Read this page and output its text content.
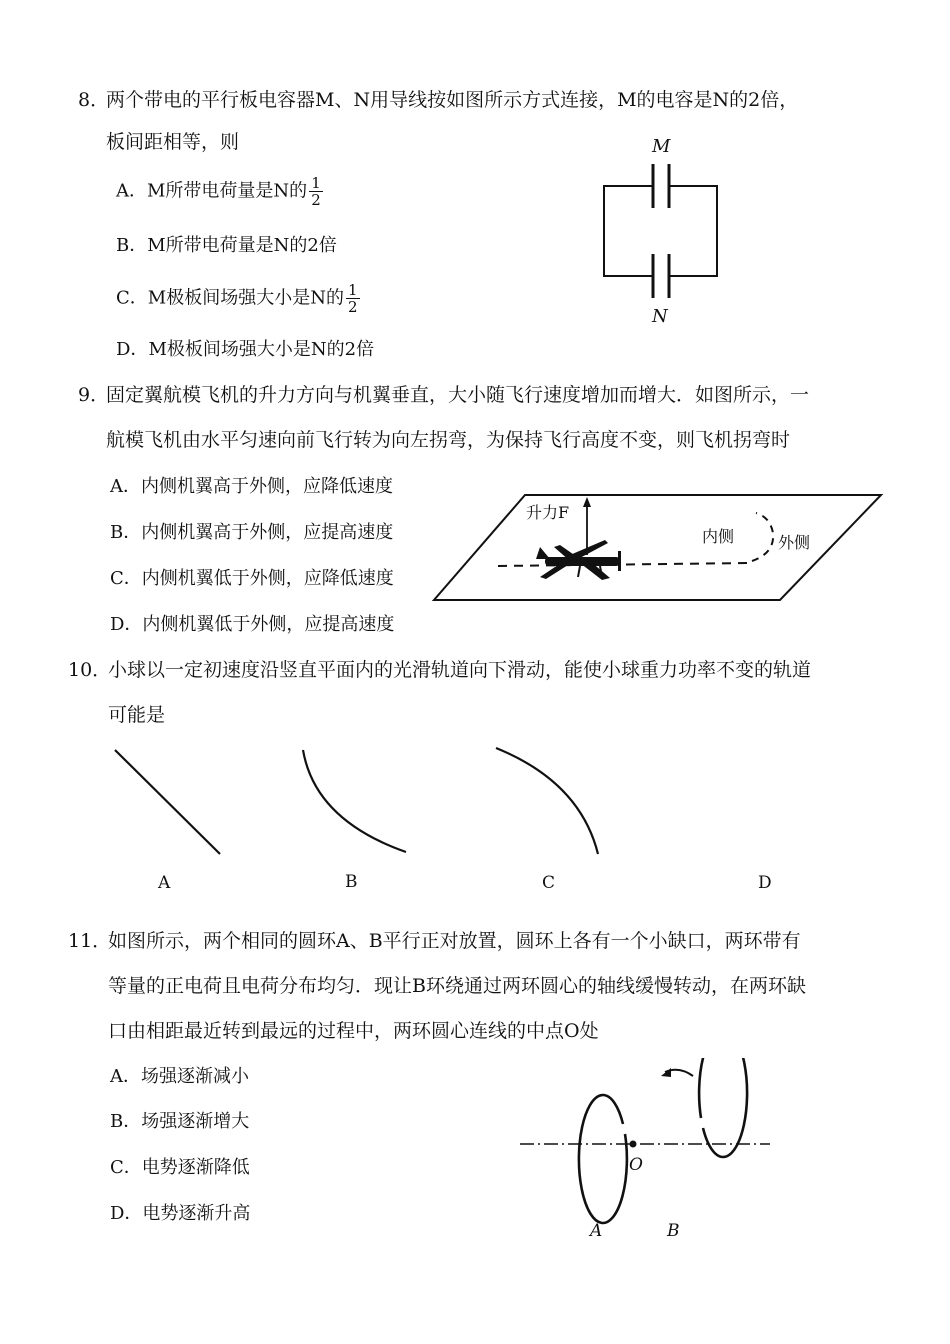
8．
两个带电的平行板电容器M、N用导线按如图所示方式连接，M的电容是N的2倍，
板间距相等，则
A．M所带电荷量是N的 $\frac{1}{2}$
B．M所带电荷量是N的2倍
C．M极板间场强大小是N的 $\frac{1}{2}$
D．M极板间场强大小是N的2倍
M
N
9．
固定翼航模飞机的升力方向与机翼垂直，大小随飞行速度增加而增大．如图所示，一
航模飞机由水平匀速向前飞行转为向左拐弯，为保持飞行高度不变，则飞机拐弯时
A．内侧机翼高于外侧，应降低速度
B．内侧机翼高于外侧，应提高速度
C．内侧机翼低于外侧，应降低速度
D．内侧机翼低于外侧，应提高速度
升力F
内侧	外侧
10．
小球以一定初速度沿竖直平面内的光滑轨道向下滑动，能使小球重力功率不变的轨道
可能是
A	B	C	D
11．
如图所示，两个相同的圆环A、B平行正对放置，圆环上各有一个小缺口，两环带有
等量的正电荷且电荷分布均匀．现让B环绕通过两环圆心的轴线缓慢转动，在两环缺
口由相距最近转到最远的过程中，两环圆心连线的中点O处
A．场强逐渐减小
B．场强逐渐增大
C．电势逐渐降低
D．电势逐渐升高
O
A	B
